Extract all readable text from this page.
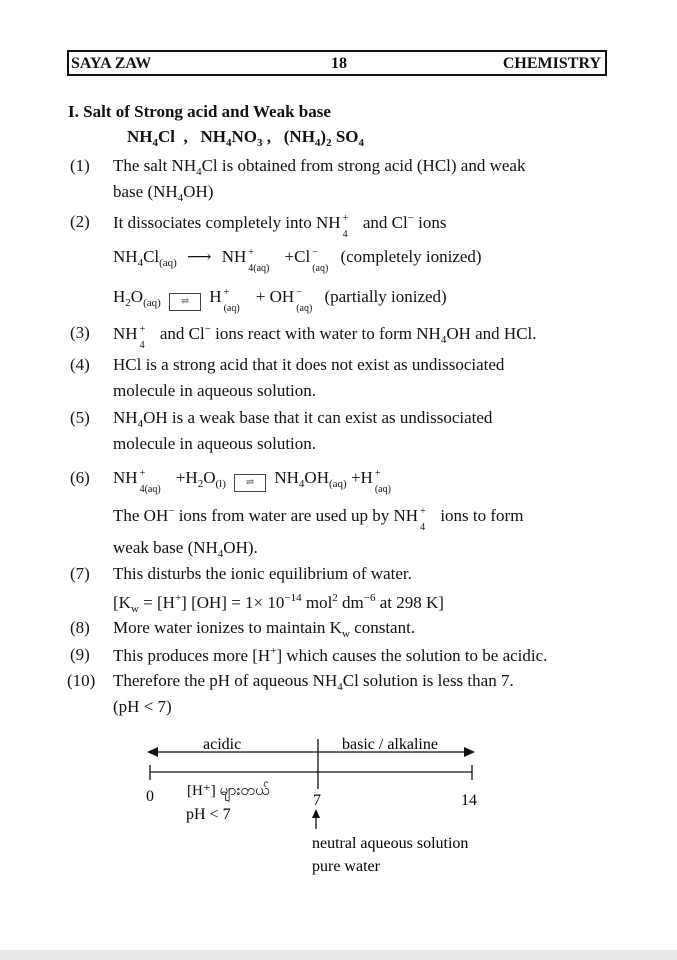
SAYA ZAW	18	CHEMISTRY
I. Salt of Strong acid and Weak base
$NH_4Cl$  ,   $NH_4NO_3$ ,   $(NH_4)_2$ $SO_4$
(1) The salt $NH_4Cl$ is obtained from strong acid (HCl) and weak
base $(NH_4OH)$
(2) It dissociates completely into NH +
4
and Cl− ions
$NH_4Cl_{(aq)}$ ⟶ NH +
4(aq)
+Cl −
(aq)
(completely ionized)
$H_2O_{(aq)}$ ⇌ H +
(aq)
+ OH −
(aq)
(partially ionized)
(3) NH +
4
and Cl− ions react with water to form $NH_4OH$ and HCl.
(4) HCl is a strong acid that it does not exist as undissociated
molecule in aqueous solution.
(5) $NH_4OH$ is a weak base that it can exist as undissociated
molecule in aqueous solution.
(6) NH +
4(aq)
$+H_2O_{(l)}$ ⇌ $NH_4OH_{(aq)} +H$ +
(aq)
The OH− ions from water are used up by NH +
4
ions to form
weak base $(NH_4OH)$.
(7) This disturbs the ionic equilibrium of water.
[$K_w = [H^+] [OH] = 1\times 10^{-14}$ mol$^2$ $dm^{-6}$ at 298 K]
(8) More water ionizes to maintain $K_w$ constant.
(9) This produces more [H+] which causes the solution to be acidic.
(10) Therefore the pH of aqueous $NH_4Cl$ solution is less than 7.
(pH < 7)
acidic	basic / alkaline
0	7	14
[H⁺] များတယ်
pH < 7
neutral aqueous solution
pure water
